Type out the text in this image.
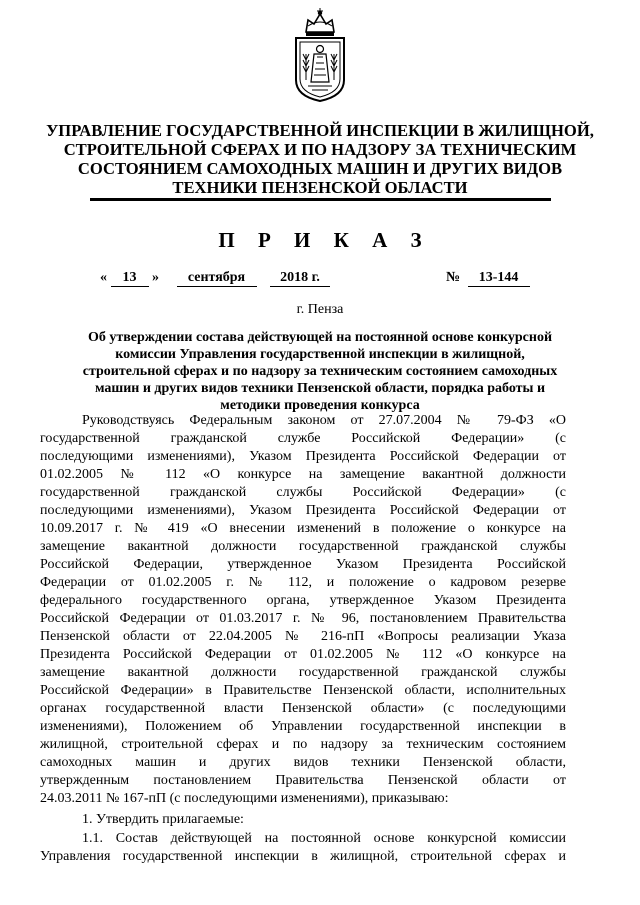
УПРАВЛЕНИЕ ГОСУДАРСТВЕННОЙ ИНСПЕКЦИИ В ЖИЛИЩНОЙ,
СТРОИТЕЛЬНОЙ СФЕРАХ И ПО НАДЗОРУ ЗА ТЕХНИЧЕСКИМ
СОСТОЯНИЕМ САМОХОДНЫХ МАШИН И ДРУГИХ ВИДОВ
ТЕХНИКИ ПЕНЗЕНСКОЙ ОБЛАСТИ
П Р И К А З
« 13 » сентября 2018 г.	№ 13-144
г. Пенза
Об утверждении состава действующей на постоянной основе конкурсной
комиссии Управления государственной инспекции в жилищной,
строительной сферах и по надзору за техническим состоянием самоходных
машин и других видов техники Пензенской области, порядка работы и
методики проведения конкурса
Руководствуясь Федеральным законом от 27.07.2004 № 79-ФЗ «О
государственной гражданской службе Российской Федерации» (с
последующими изменениями), Указом Президента Российской Федерации от
01.02.2005 № 112 «О конкурсе на замещение вакантной должности
государственной гражданской службы Российской Федерации» (с
последующими изменениями), Указом Президента Российской Федерации от
10.09.2017 г. № 419 «О внесении изменений в положение о конкурсе на
замещение вакантной должности государственной гражданской службы
Российской Федерации, утвержденное Указом Президента Российской
Федерации от 01.02.2005 г. № 112, и положение о кадровом резерве
федерального государственного органа, утвержденное Указом Президента
Российской Федерации от 01.03.2017 г. № 96, постановлением Правительства
Пензенской области от 22.04.2005 № 216-пП «Вопросы реализации Указа
Президента Российской Федерации от 01.02.2005 № 112 «О конкурсе на
замещение вакантной должности государственной гражданской службы
Российской Федерации» в Правительстве Пензенской области, исполнительных
органах государственной власти Пензенской области» (с последующими
изменениями), Положением об Управлении государственной инспекции в
жилищной, строительной сферах и по надзору за техническим состоянием
самоходных машин и других видов техники Пензенской области,
утвержденным постановлением Правительства Пензенской области от
24.03.2011 № 167-пП (с последующими изменениями), приказываю:
1. Утвердить прилагаемые:
1.1. Состав действующей на постоянной основе конкурсной комиссии
Управления государственной инспекции в жилищной, строительной сферах и
